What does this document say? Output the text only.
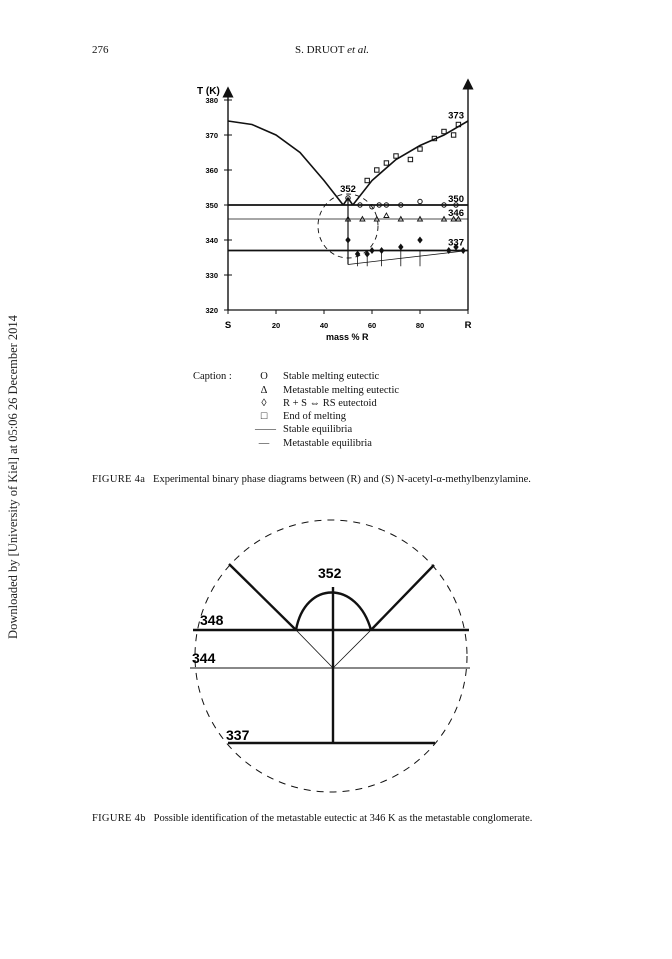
Downloaded by [University of Kiel] at 05:06 26 December 2014
276	S. DRUOT et al.
380
370
360
350
340
330
320
S	20	40	60	80	R
T (K)
mass % R
373
352
350
346
337
Caption :	O	Stable melting eutectic
Δ	Metastable melting eutectic
◊	R + S ⇔ RS eutectoid
□	End of melting
—— Stable equilibria
—	Metastable equilibria
FIGURE 4a Experimental binary phase diagrams between (R) and (S) N-acetyl-α-methylbenzylamine.
352
348
344
337
FIGURE 4b Possible identification of the metastable eutectic at 346 K as the metastable conglomerate.
